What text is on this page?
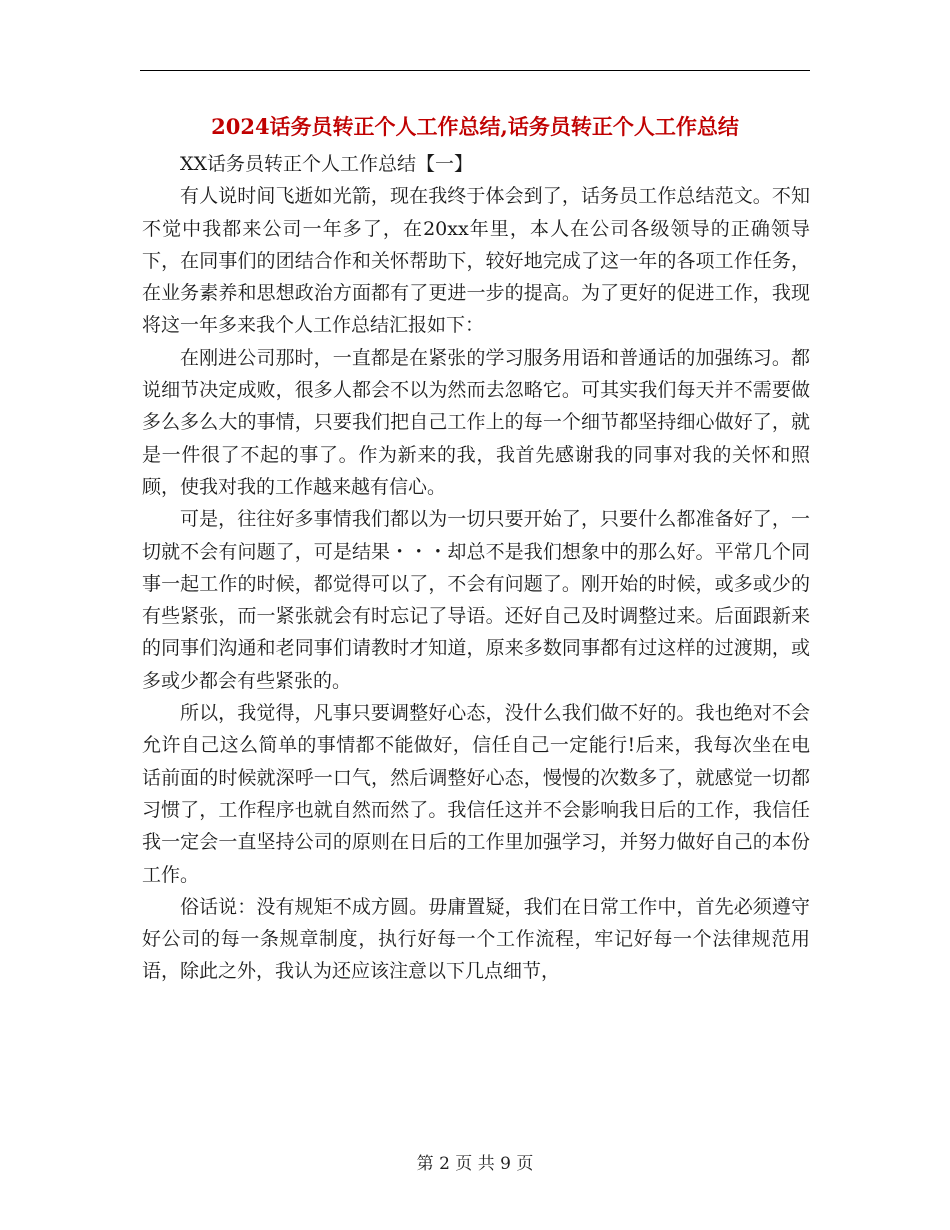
2024话务员转正个人工作总结,话务员转正个人工作总结

XX话务员转正个人工作总结【一】

有人说时间飞逝如光箭，现在我终于体会到了，话务员工作总结范文。不知不觉中我都来公司一年多了，在20xx年里，本人在公司各级领导的正确领导下，在同事们的团结合作和关怀帮助下，较好地完成了这一年的各项工作任务，在业务素养和思想政治方面都有了更进一步的提高。为了更好的促进工作，我现将这一年多来我个人工作总结汇报如下：

在刚进公司那时，一直都是在紧张的学习服务用语和普通话的加强练习。都说细节决定成败，很多人都会不以为然而去忽略它。可其实我们每天并不需要做多么多么大的事情，只要我们把自己工作上的每一个细节都坚持细心做好了，就是一件很了不起的事了。作为新来的我，我首先感谢我的同事对我的关怀和照顾，使我对我的工作越来越有信心。

可是，往往好多事情我们都以为一切只要开始了，只要什么都准备好了，一切就不会有问题了，可是结果・・・却总不是我们想象中的那么好。平常几个同事一起工作的时候，都觉得可以了，不会有问题了。刚开始的时候，或多或少的有些紧张，而一紧张就会有时忘记了导语。还好自己及时调整过来。后面跟新来的同事们沟通和老同事们请教时才知道，原来多数同事都有过这样的过渡期，或多或少都会有些紧张的。

所以，我觉得，凡事只要调整好心态，没什么我们做不好的。我也绝对不会允许自己这么简单的事情都不能做好，信任自己一定能行!后来，我每次坐在电话前面的时候就深呼一口气，然后调整好心态，慢慢的次数多了，就感觉一切都习惯了，工作程序也就自然而然了。我信任这并不会影响我日后的工作，我信任我一定会一直坚持公司的原则在日后的工作里加强学习，并努力做好自己的本份工作。

俗话说：没有规矩不成方圆。毋庸置疑，我们在日常工作中，首先必须遵守好公司的每一条规章制度，执行好每一个工作流程，牢记好每一个法律规范用语，除此之外，我认为还应该注意以下几点细节，

第 2 页 共 9 页
